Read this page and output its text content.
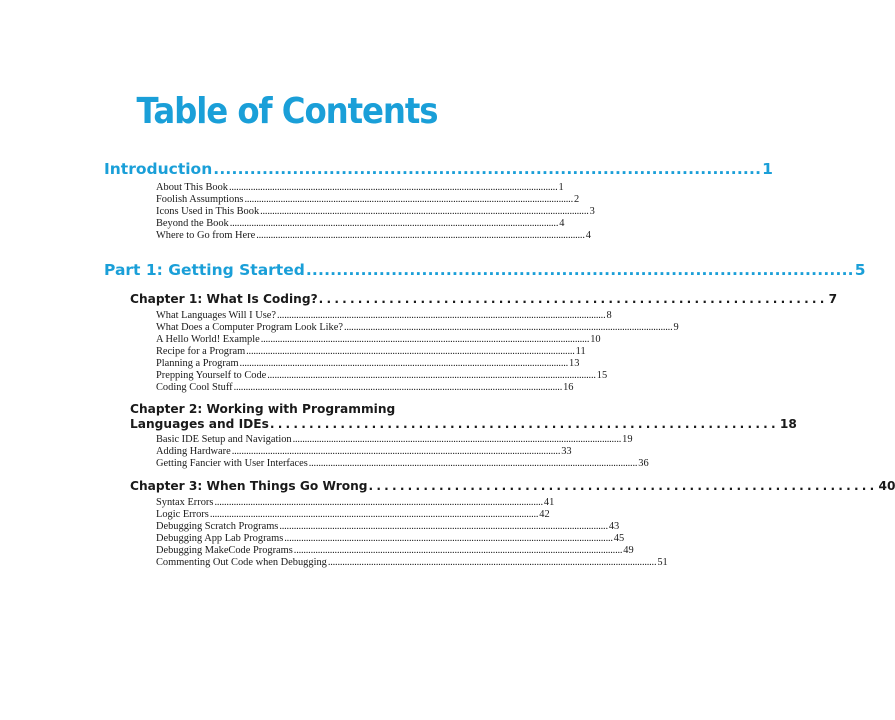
Table of Contents
Introduction .......................................................................................... 1
About This Book ......................................................................................................................................... 1
Foolish Assumptions ......................................................................................................................................... 2
Icons Used in This Book ......................................................................................................................................... 3
Beyond the Book ......................................................................................................................................... 4
Where to Go from Here ......................................................................................................................................... 4
Part 1: Getting Started .......................................................................................... 5
Chapter 1: What Is Coding? ................................................................. 7
What Languages Will I Use? ......................................................................................................................................... 8
What Does a Computer Program Look Like? ......................................................................................................................................... 9
A Hello World! Example ......................................................................................................................................... 10
Recipe for a Program ......................................................................................................................................... 11
Planning a Program ......................................................................................................................................... 13
Prepping Yourself to Code ......................................................................................................................................... 15
Coding Cool Stuff ......................................................................................................................................... 16
Chapter 2: Working with Programming
Languages and IDEs ................................................................. 18
Basic IDE Setup and Navigation ......................................................................................................................................... 19
Adding Hardware ......................................................................................................................................... 33
Getting Fancier with User Interfaces ......................................................................................................................................... 36
Chapter 3: When Things Go Wrong ................................................................. 40
Syntax Errors ......................................................................................................................................... 41
Logic Errors ......................................................................................................................................... 42
Debugging Scratch Programs ......................................................................................................................................... 43
Debugging App Lab Programs ......................................................................................................................................... 45
Debugging MakeCode Programs ......................................................................................................................................... 49
Commenting Out Code when Debugging ......................................................................................................................................... 51
